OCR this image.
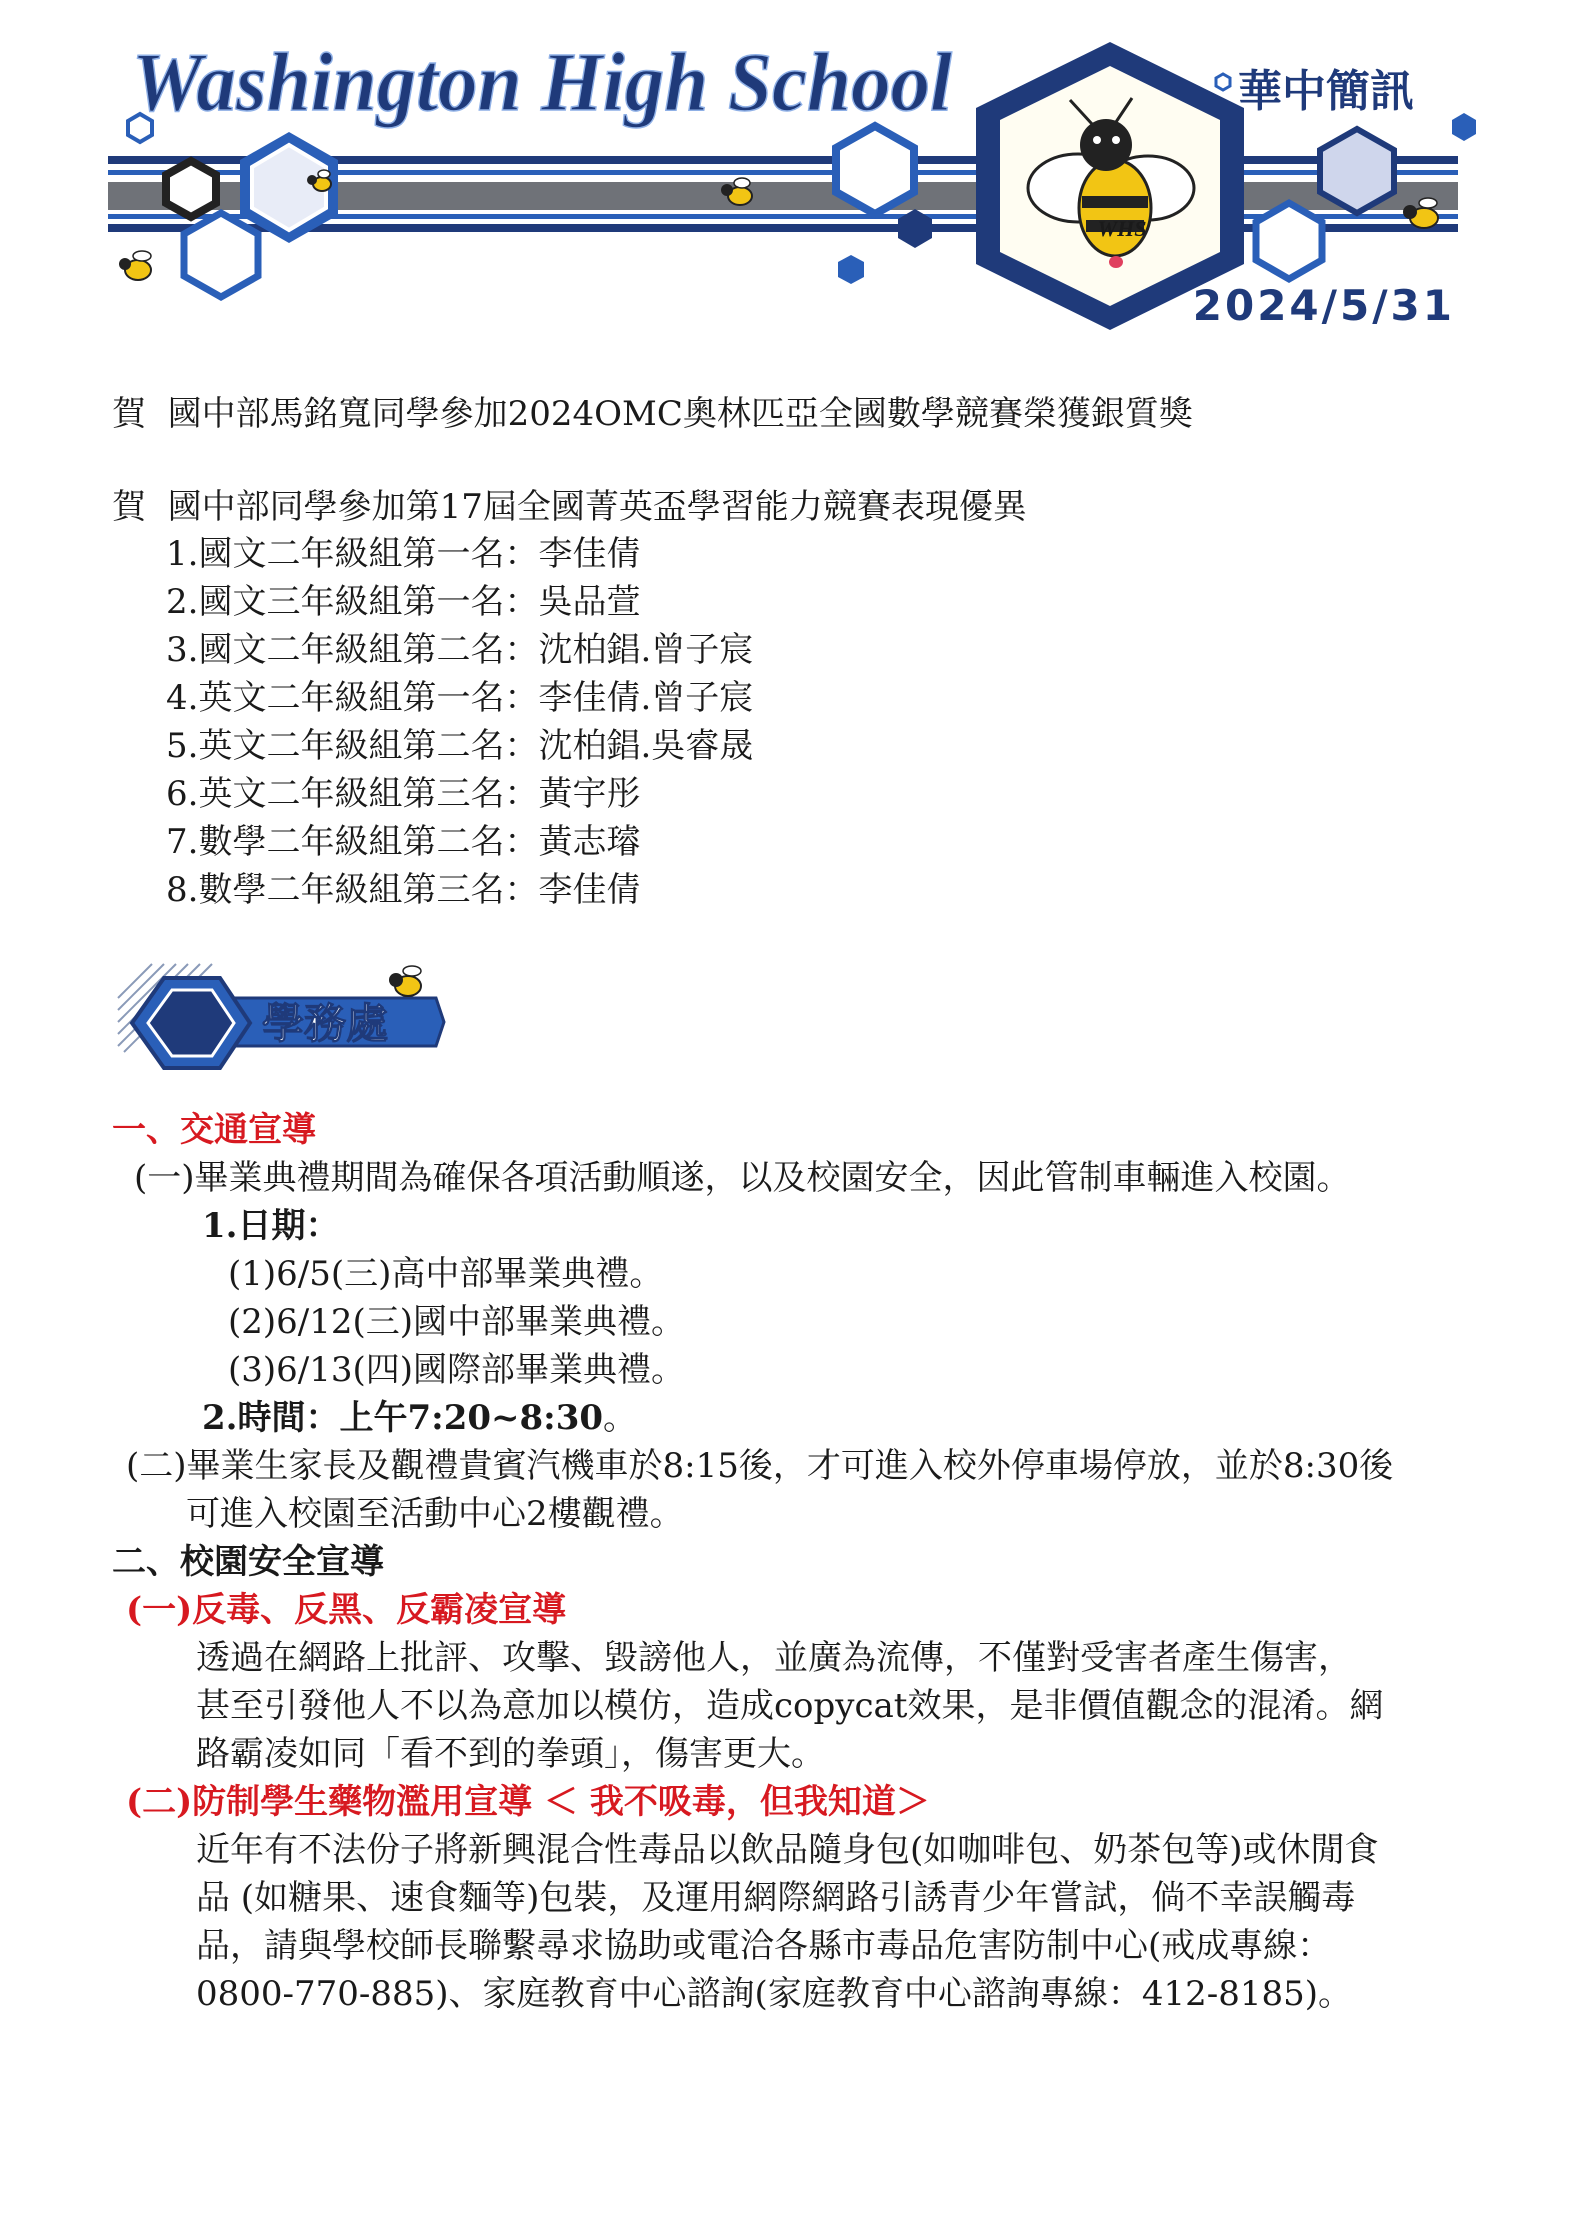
WHS
Washington High School	華中簡訊
2024/5/31
賀 國中部馬銘寬同學參加2024OMC奧林匹亞全國數學競賽榮獲銀質獎
賀 國中部同學參加第17屆全國菁英盃學習能力競賽表現優異
1.國文二年級組第一名：李佳倩
2.國文三年級組第一名：吳品萱
3.國文二年級組第二名：沈柏錩.曾子宸
4.英文二年級組第一名：李佳倩.曾子宸
5.英文二年級組第二名：沈柏錩.吳睿晟
6.英文二年級組第三名：黃宇彤
7.數學二年級組第二名：黃志璿
8.數學二年級組第三名：李佳倩
學務處
一、交通宣導
(一)畢業典禮期間為確保各項活動順遂，以及校園安全，因此管制車輛進入校園。
1.日期：
(1)6/5(三)高中部畢業典禮。
(2)6/12(三)國中部畢業典禮。
(3)6/13(四)國際部畢業典禮。
2.時間：上午7:20~8:30。
(二)畢業生家長及觀禮貴賓汽機車於8:15後，才可進入校外停車場停放，並於8:30後
可進入校園至活動中心2樓觀禮。
二、校園安全宣導
(一)反毒、反黑、反霸凌宣導
透過在網路上批評、攻擊、毀謗他人，並廣為流傳，不僅對受害者產生傷害，
甚至引發他人不以為意加以模仿，造成copycat效果，是非價值觀念的混淆。網
路霸凌如同「看不到的拳頭」，傷害更大。
(二)防制學生藥物濫用宣導 ＜ 我不吸毒，但我知道＞
近年有不法份子將新興混合性毒品以飲品隨身包(如咖啡包、奶茶包等)或休閒食
品 (如糖果、速食麵等)包裝，及運用網際網路引誘青少年嘗試，倘不幸誤觸毒
品，請與學校師長聯繫尋求協助或電洽各縣市毒品危害防制中心(戒成專線：
0800-770-885)、家庭教育中心諮詢(家庭教育中心諮詢專線：412-8185)。
